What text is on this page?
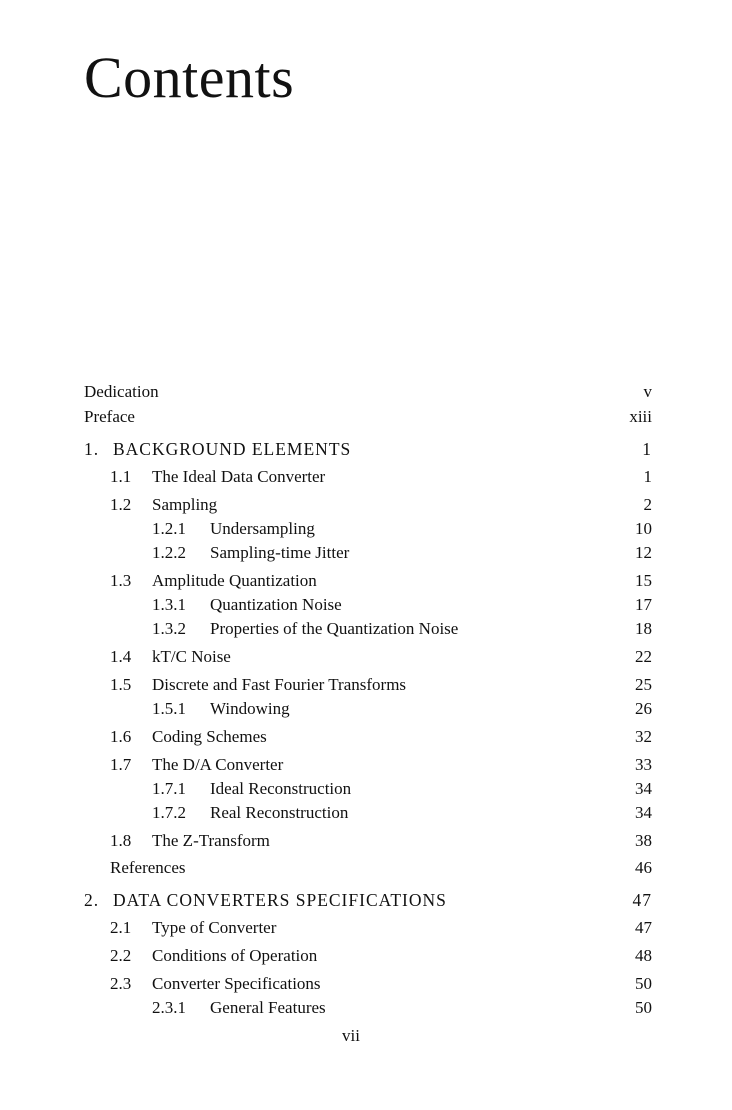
Contents
Dedication	v
Preface	xiii
1. BACKGROUND ELEMENTS	1
1.1 The Ideal Data Converter	1
1.2 Sampling	2
1.2.1 Undersampling	10
1.2.2 Sampling-time Jitter	12
1.3 Amplitude Quantization	15
1.3.1 Quantization Noise	17
1.3.2 Properties of the Quantization Noise	18
1.4 kT/C Noise	22
1.5 Discrete and Fast Fourier Transforms	25
1.5.1 Windowing	26
1.6 Coding Schemes	32
1.7 The D/A Converter	33
1.7.1 Ideal Reconstruction	34
1.7.2 Real Reconstruction	34
1.8 The Z-Transform	38
References	46
2. DATA CONVERTERS SPECIFICATIONS	47
2.1 Type of Converter	47
2.2 Conditions of Operation	48
2.3 Converter Specifications	50
2.3.1 General Features	50
vii
